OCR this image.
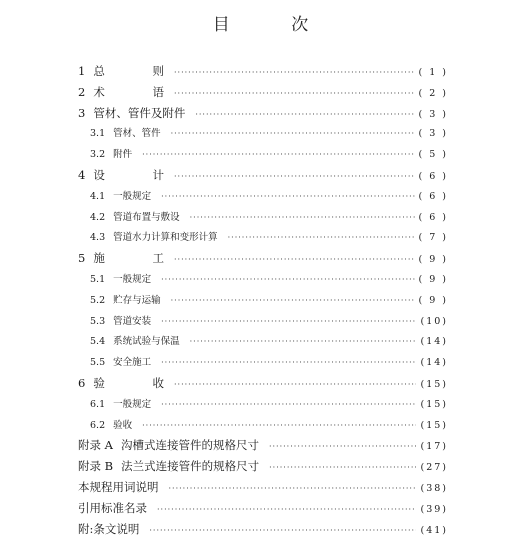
目 次
1 总 则 ·····	( 1 )
2 术 语 ·····	( 2 )
3 管材、管件及附件 ·····	( 3 )
3.1 管材、管件 ·····	( 3 )
3.2 附件 ·····	( 5 )
4 设 计 ·····	( 6 )
4.1 一般规定 ·····	( 6 )
4.2 管道布置与敷设 ·····	( 6 )
4.3 管道水力计算和变形计算 ·····	( 7 )
5 施 工 ·····	( 9 )
5.1 一般规定 ·····	( 9 )
5.2 贮存与运输 ·····	( 9 )
5.3 管道安装 ·····	(10)
5.4 系统试验与保温 ·····	(14)
5.5 安全施工 ·····	(14)
6 验 收 ·····	(15)
6.1 一般规定 ·····	(15)
6.2 验收 ·····	(15)
附录 A 沟槽式连接管件的规格尺寸 ·····	(17)
附录 B 法兰式连接管件的规格尺寸 ·····	(27)
本规程用词说明 ·····	(38)
引用标准名录 ·····	(39)
附:条文说明 ·····	(41)
